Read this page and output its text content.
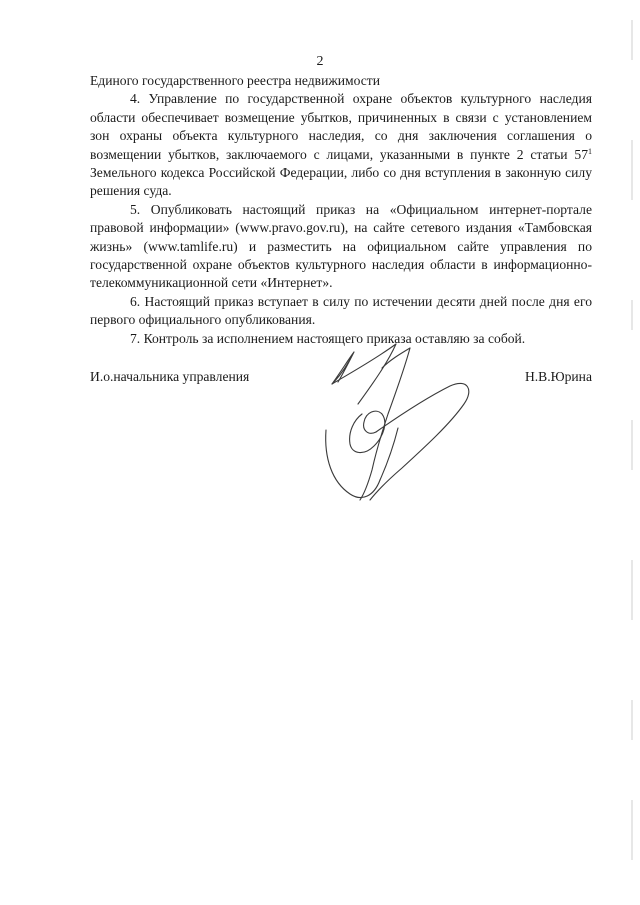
2

Единого государственного реестра недвижимости

4. Управление по государственной охране объектов культурного наследия области обеспечивает возмещение убытков, причиненных в связи с установлением зон охраны объекта культурного наследия, со дня заключения соглашения о возмещении убытков, заключаемого с лицами, указанными в пункте 2 статьи $57^1$ Земельного кодекса Российской Федерации, либо со дня вступления в законную силу решения суда.

5. Опубликовать настоящий приказ на «Официальном интернет-портале правовой информации» (www.pravo.gov.ru), на сайте сетевого издания «Тамбовская жизнь» (www.tamlife.ru) и разместить на официальном сайте управления по государственной охране объектов культурного наследия области в информационно-телекоммуникационной сети «Интернет».

6. Настоящий приказ вступает в силу по истечении десяти дней после дня его первого официального опубликования.

7. Контроль за исполнением настоящего приказа оставляю за собой.

И.о.начальника управления	Н.В.Юрина
